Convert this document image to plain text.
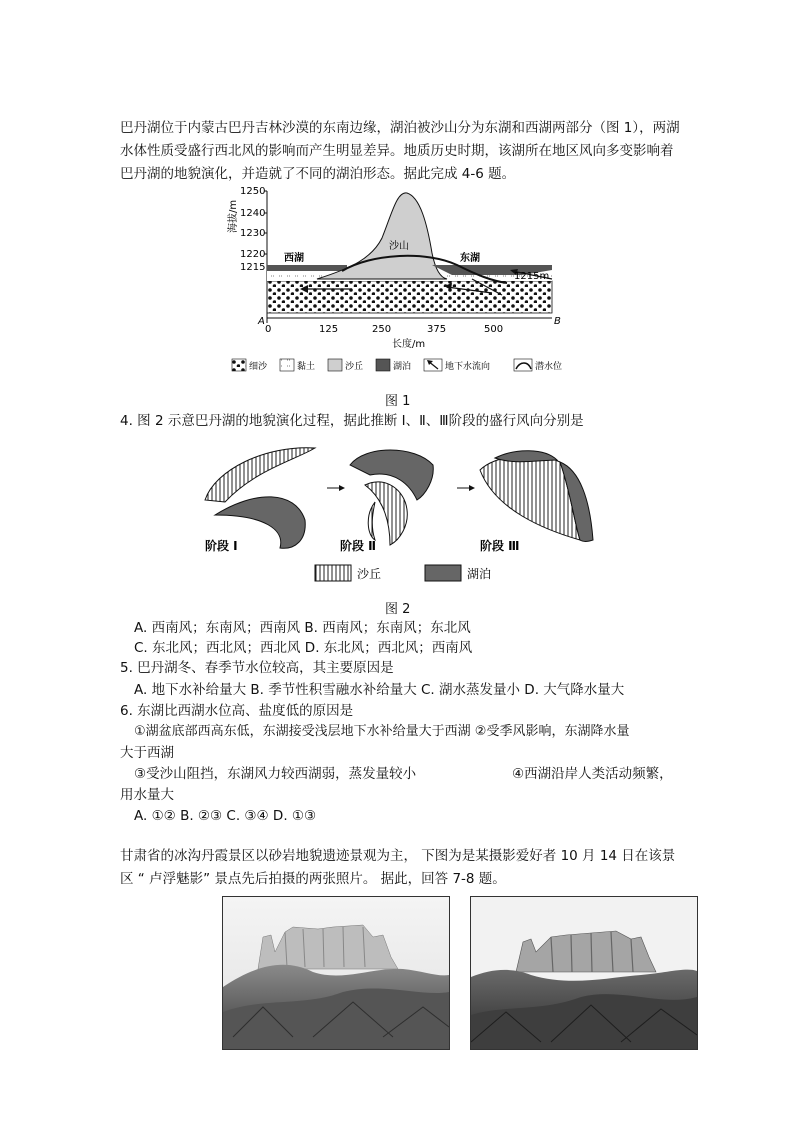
巴丹湖位于内蒙古巴丹吉林沙漠的东南边缘，湖泊被沙山分为东湖和西湖两部分（图 1），两湖水体性质受盛行西北风的影响而产生明显差异。地质历史时期，该湖所在地区风向多变影响着巴丹湖的地貌演化，并造就了不同的湖泊形态。据此完成 4-6 题。
海拔/m
1250
1240
1230
1220
1215
西湖
沙山
东湖
1215m
A	B
0	125	250	375	500
长度/m
细沙	黏土	沙丘	湖泊	地下水流向	潜水位
图 1
4. 图 2 示意巴丹湖的地貌演化过程，据此推断 Ⅰ、Ⅱ、Ⅲ阶段的盛行风向分别是
阶段 Ⅰ	阶段 Ⅱ	阶段 Ⅲ
沙丘	湖泊
图 2
A. 西南风；东南风；西南风 B. 西南风；东南风；东北风
C. 东北风；西北风；西北风 D. 东北风；西北风；西南风
5. 巴丹湖冬、春季节水位较高，其主要原因是
A. 地下水补给量大 B. 季节性积雪融水补给量大 C. 湖水蒸发量小 D. 大气降水量大
6. 东湖比西湖水位高、盐度低的原因是
①湖盆底部西高东低，东湖接受浅层地下水补给量大于西湖 ②受季风影响，东湖降水量
大于西湖
③受沙山阻挡，东湖风力较西湖弱，蒸发量较小	④西湖沿岸人类活动频繁，
用水量大
A. ①② B. ②③ C. ③④ D. ①③
甘肃省的冰沟丹霞景区以砂岩地貌遗迹景观为主， 下图为是某摄影爱好者 10 月 14 日在该景区 “ 卢浮魅影” 景点先后拍摄的两张照片。 据此，回答 7-8 题。
